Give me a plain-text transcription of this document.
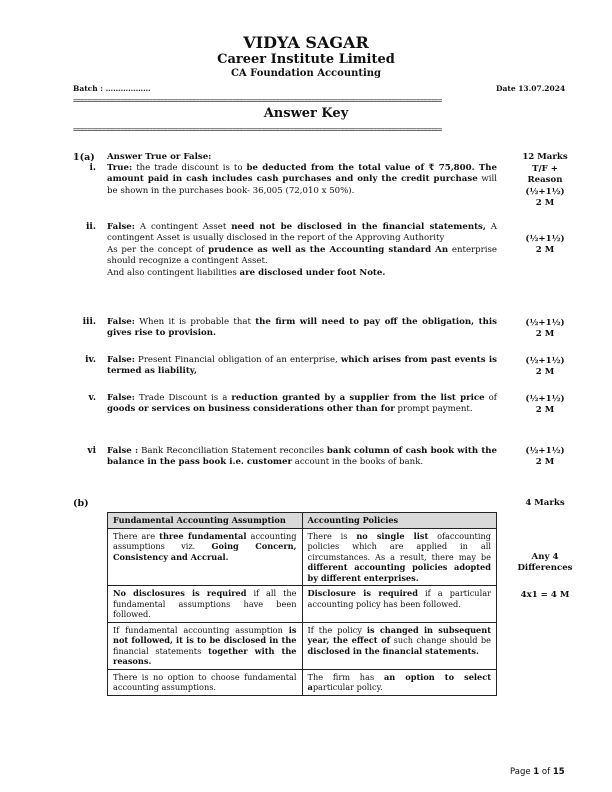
VIDYA SAGAR
Career Institute Limited
CA Foundation Accounting
Batch : ………………	Date 13.07.2024
======================================================================================================
Answer Key
======================================================================================================
1(a) Answer True or False:	12 Marks
i. True: the trade discount is to be deducted from the total value of ₹ 75,800. The amount paid in cash includes cash purchases and only the credit purchase will be shown in the purchases book- 36,005 (72,010 x 50%).
T/F +
Reason
(½+1½)
2 M
ii. False: A contingent Asset need not be disclosed in the financial statements, A contingent Asset is usually disclosed in the report of the Approving Authority
As per the concept of prudence as well as the Accounting standard An enterprise should recognize a contingent Asset.
And also contingent liabilities are disclosed under foot Note.
(½+1½)
2 M
iii. False: When it is probable that the firm will need to pay off the obligation, this gives rise to provision.
(½+1½)
2 M
iv. False: Present Financial obligation of an enterprise, which arises from past events is termed as liability,
(½+1½)
2 M
v. False: Trade Discount is a reduction granted by a supplier from the list price of goods or services on business considerations other than for prompt payment.
(½+1½)
2 M
vi False : Bank Reconciliation Statement reconciles bank column of cash book with the balance in the pass book i.e. customer account in the books of bank.
(½+1½)
2 M
(b)	4 Marks
Fundamental Accounting Assumption	Accounting Policies
There are three fundamental accounting assumptions viz. Going Concern, Consistency and Accrual.	There is no single list ofaccounting policies which are applied in all circumstances. As a result, there may be different accounting policies adopted by different enterprises.
No disclosures is required if all the fundamental assumptions have been followed.	Disclosure is required if a particular accounting policy has been followed.
If fundamental accounting assumption is not followed, it is to be disclosed in the financial statements together with the reasons.	If the policy is changed in subsequent year, the effect of such change should be disclosed in the financial statements.
There is no option to choose fundamental accounting assumptions.	The firm has an option to select aparticular policy.
Any 4
Differences
4x1 = 4 M
Page 1 of 15
